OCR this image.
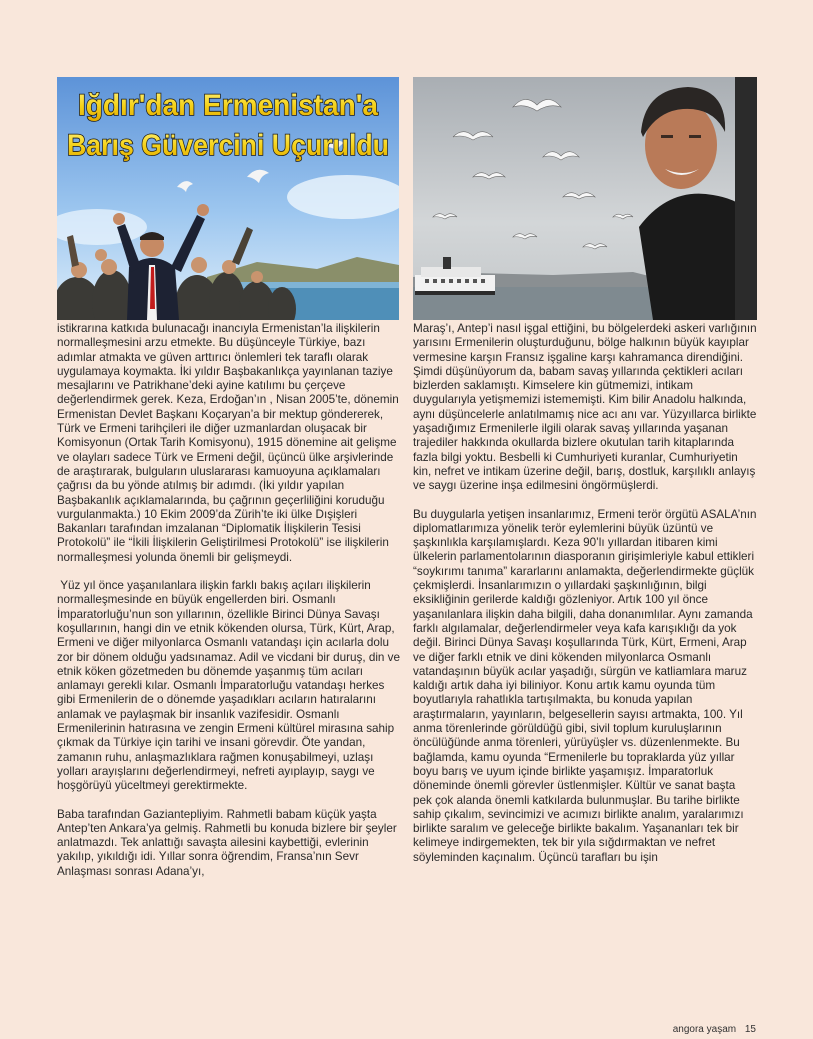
Iğdır'dan Ermenistan'a
Barış Güvercini Uçuruldu

istikrarına katkıda bulunacağı inancıyla Ermenistan’la ilişkilerin normalleşmesini arzu etmekte. Bu düşünceyle Türkiye, bazı adımlar atmakta ve güven arttırıcı önlemleri tek taraflı olarak uygulamaya koymakta. İki yıldır Başbakanlıkça yayınlanan taziye mesajlarını ve Patrikhane’deki ayine katılımı bu çerçeve değerlendirmek gerek. Keza, Erdoğan’ın , Nisan 2005’te, dönemin Ermenistan Devlet Başkanı Koçaryan’a bir mektup göndererek, Türk ve Ermeni tarihçileri ile diğer uzmanlardan oluşacak bir Komisyonun (Ortak Tarih Komisyonu), 1915 dönemine ait gelişme ve olayları sadece Türk ve Ermeni değil, üçüncü ülke arşivlerinde de araştırarak, bulguların uluslararası kamuoyuna açıklamaları çağrısı da bu yönde atılmış bir adımdı. (İki yıldır yapılan Başbakanlık açıklamalarında, bu çağrının geçerliliğini koruduğu vurgulanmakta.) 10 Ekim 2009’da Zürih’te iki ülke Dışişleri Bakanları tarafından imzalanan “Diplomatik İlişkilerin Tesisi Protokolü” ile “İkili İlişkilerin Geliştirilmesi Protokolü” ise ilişkilerin normalleşmesi yolunda önemli bir gelişmeydi.

Yüz yıl önce yaşanılanlara ilişkin farklı bakış açıları ilişkilerin normalleşmesinde en büyük engellerden biri. Osmanlı İmparatorluğu’nun son yıllarının, özellikle Birinci Dünya Savaşı koşullarının, hangi din ve etnik kökenden olursa, Türk, Kürt, Arap, Ermeni ve diğer milyonlarca Osmanlı vatandaşı için acılarla dolu zor bir dönem olduğu yadsınamaz. Adil ve vicdani bir duruş, din ve etnik köken gözetmeden bu dönemde yaşanmış tüm acıları anlamayı gerekli kılar. Osmanlı İmparatorluğu vatandaşı herkes gibi Ermenilerin de o dönemde yaşadıkları acıların hatıralarını anlamak ve paylaşmak bir insanlık vazifesidir. Osmanlı Ermenilerinin hatırasına ve zengin Ermeni kültürel mirasına sahip çıkmak da Türkiye için tarihi ve insani görevdir. Öte yandan, zamanın ruhu, anlaşmazlıklara rağmen konuşabilmeyi, uzlaşı yolları arayışlarını değerlendirmeyi, nefreti ayıplayıp, saygı ve hoşgörüyü yüceltmeyi gerektirmekte.

Baba tarafından Gaziantepliyim. Rahmetli babam küçük yaşta Antep’ten Ankara’ya gelmiş. Rahmetli bu konuda bizlere bir şeyler anlatmazdı. Tek anlattığı savaşta ailesini kaybettiği, evlerinin yakılıp, yıkıldığı idi. Yıllar sonra öğrendim, Fransa’nın Sevr Anlaşması sonrası Adana’yı,

Maraş’ı, Antep’i nasıl işgal ettiğini, bu bölgelerdeki askeri varlığının yarısını Ermenilerin oluşturduğunu, bölge halkının büyük kayıplar vermesine karşın Fransız işgaline karşı kahramanca direndiğini. Şimdi düşünüyorum da, babam savaş yıllarında çektikleri acıları bizlerden saklamıştı. Kimselere kin gütmemizi, intikam duygularıyla yetişmemizi istememişti. Kim bilir Anadolu halkında, aynı düşüncelerle anlatılmamış nice acı anı var. Yüzyıllarca birlikte yaşadığımız Ermenilerle ilgili olarak savaş yıllarında yaşanan trajediler hakkında okullarda bizlere okutulan tarih kitaplarında fazla bilgi yoktu. Besbelli ki Cumhuriyeti kuranlar, Cumhuriyetin kin, nefret ve intikam üzerine değil, barış, dostluk, karşılıklı anlayış ve saygı üzerine inşa edilmesini öngörmüşlerdi.

Bu duygularla yetişen insanlarımız, Ermeni terör örgütü ASALA’nın diplomatlarımıza yönelik terör eylemlerini büyük üzüntü ve şaşkınlıkla karşılamışlardı. Keza 90’lı yıllardan itibaren kimi ülkelerin parlamentolarının diasporanın girişimleriyle kabul ettikleri “soykırımı tanıma” kararlarını anlamakta, değerlendirmekte güçlük çekmişlerdi. İnsanlarımızın o yıllardaki şaşkınlığının, bilgi eksikliğinin gerilerde kaldığı gözleniyor. Artık 100 yıl önce yaşanılanlara ilişkin daha bilgili, daha donanımlılar. Aynı zamanda farklı algılamalar, değerlendirmeler veya kafa karışıklığı da yok değil. Birinci Dünya Savaşı koşullarında Türk, Kürt, Ermeni, Arap ve diğer farklı etnik ve dini kökenden milyonlarca Osmanlı vatandaşının büyük acılar yaşadığı, sürgün ve katliamlara maruz kaldığı artık daha iyi biliniyor. Konu artık kamu oyunda tüm boyutlarıyla rahatlıkla tartışılmakta, bu konuda yapılan araştırmaların, yayınların, belgesellerin sayısı artmakta, 100. Yıl anma törenlerinde görüldüğü gibi, sivil toplum kuruluşlarının öncülüğünde anma törenleri, yürüyüşler vs. düzenlenmekte. Bu bağlamda, kamu oyunda “Ermenilerle bu topraklarda yüz yıllar boyu barış ve uyum içinde birlikte yaşamışız. İmparatorluk döneminde önemli görevler üstlenmişler. Kültür ve sanat başta pek çok alanda önemli katkılarda bulunmuşlar. Bu tarihe birlikte sahip çıkalım, sevincimizi ve acımızı birlikte analım, yaralarımızı birlikte saralım ve geleceğe birlikte bakalım. Yaşananları tek bir kelimeye indirgemekten, tek bir yıla sığdırmaktan ve nefret söyleminden kaçınalım. Üçüncü tarafları bu işin

angora yaşam 15
